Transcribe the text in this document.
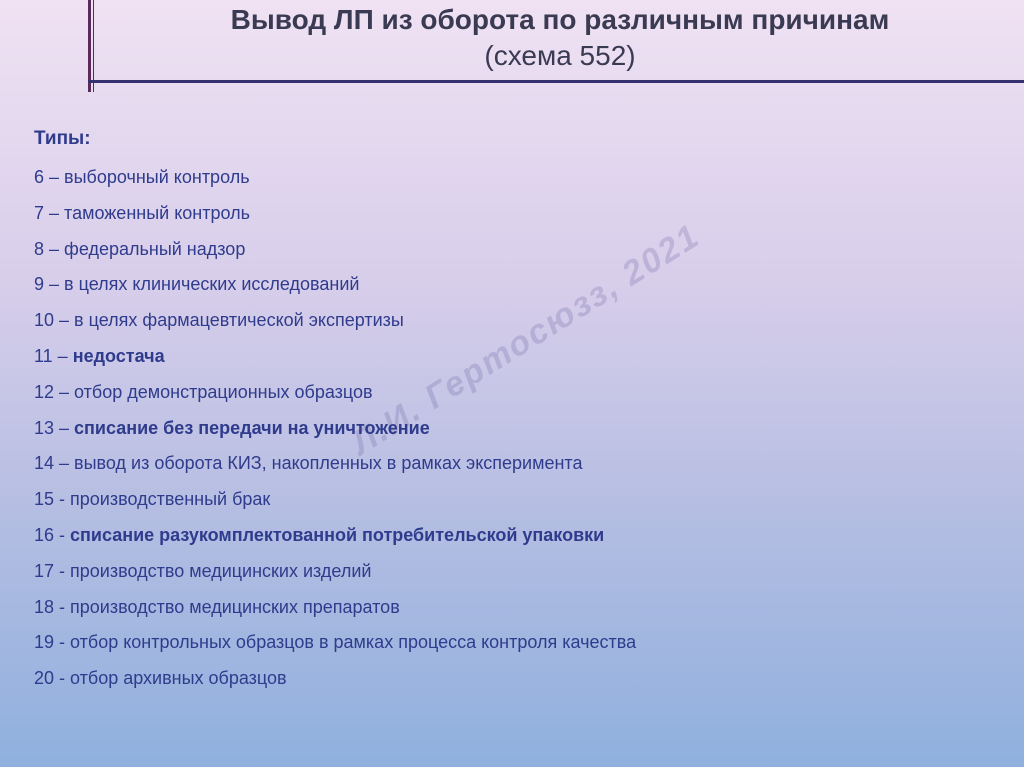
Вывод ЛП из оборота по различным причинам
(схема 552)
Л.И. Гертосюзз, 2021
Типы:
6 – выборочный контроль
7 – таможенный контроль
8 – федеральный надзор
9 – в целях клинических исследований
10 – в целях фармацевтической экспертизы
11 – недостача
12 – отбор демонстрационных образцов
13 – списание без передачи на уничтожение
14 – вывод из оборота КИЗ, накопленных в рамках эксперимента
15 - производственный брак
16 - списание разукомплектованной потребительской упаковки
17 - производство медицинских изделий
18 - производство медицинских препаратов
19 - отбор контрольных образцов в рамках процесса контроля качества
20 - отбор архивных образцов
